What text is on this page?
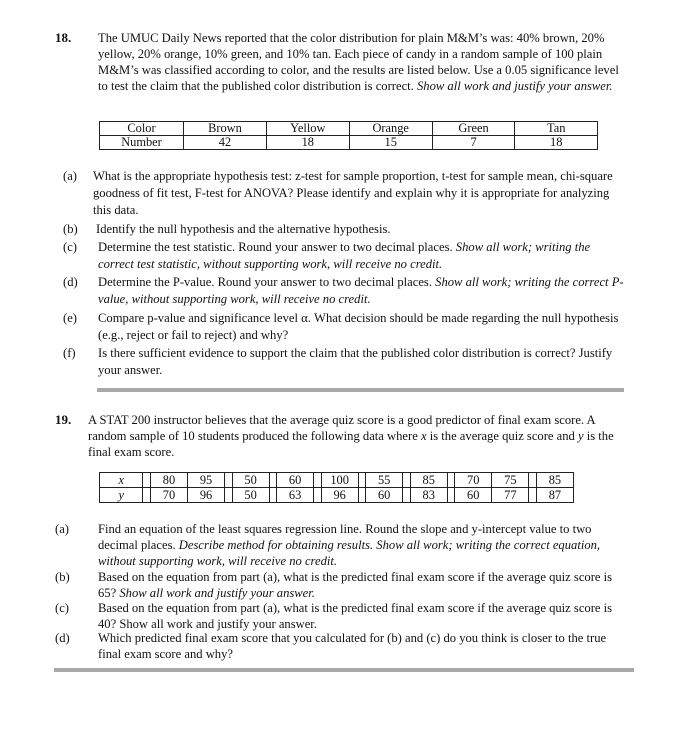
18. The UMUC Daily News reported that the color distribution for plain M&M’s was: 40% brown, 20% yellow, 20% orange, 10% green, and 10% tan. Each piece of candy in a random sample of 100 plain M&M’s was classified according to color, and the results are listed below. Use a 0.05 significance level to test the claim that the published color distribution is correct. Show all work and justify your answer.
Color	Brown	Yellow	Orange	Green	Tan
Number	42	18	15	7	18
(a) What is the appropriate hypothesis test: z-test for sample proportion, t-test for sample mean, chi-square goodness of fit test, F-test for ANOVA? Please identify and explain why it is appropriate for analyzing this data.
(b) Identify the null hypothesis and the alternative hypothesis.
(c) Determine the test statistic. Round your answer to two decimal places. Show all work; writing the correct test statistic, without supporting work, will receive no credit.
(d) Determine the P-value. Round your answer to two decimal places. Show all work; writing the correct P-value, without supporting work, will receive no credit.
(e) Compare p-value and significance level α. What decision should be made regarding the null hypothesis (e.g., reject or fail to reject) and why?
(f) Is there sufficient evidence to support the claim that the published color distribution is correct? Justify your answer.
19. A STAT 200 instructor believes that the average quiz score is a good predictor of final exam score. A random sample of 10 students produced the following data where x is the average quiz score and y is the final exam score.
x		80	95		50		60		100		55		85		70	75		85
y		70	96		50		63		96		60		83		60	77		87
(a) Find an equation of the least squares regression line. Round the slope and y-intercept value to two decimal places. Describe method for obtaining results. Show all work; writing the correct equation, without supporting work, will receive no credit.
(b) Based on the equation from part (a), what is the predicted final exam score if the average quiz score is 65? Show all work and justify your answer.
(c) Based on the equation from part (a), what is the predicted final exam score if the average quiz score is 40? Show all work and justify your answer.
(d) Which predicted final exam score that you calculated for (b) and (c) do you think is closer to the true final exam score and why?
